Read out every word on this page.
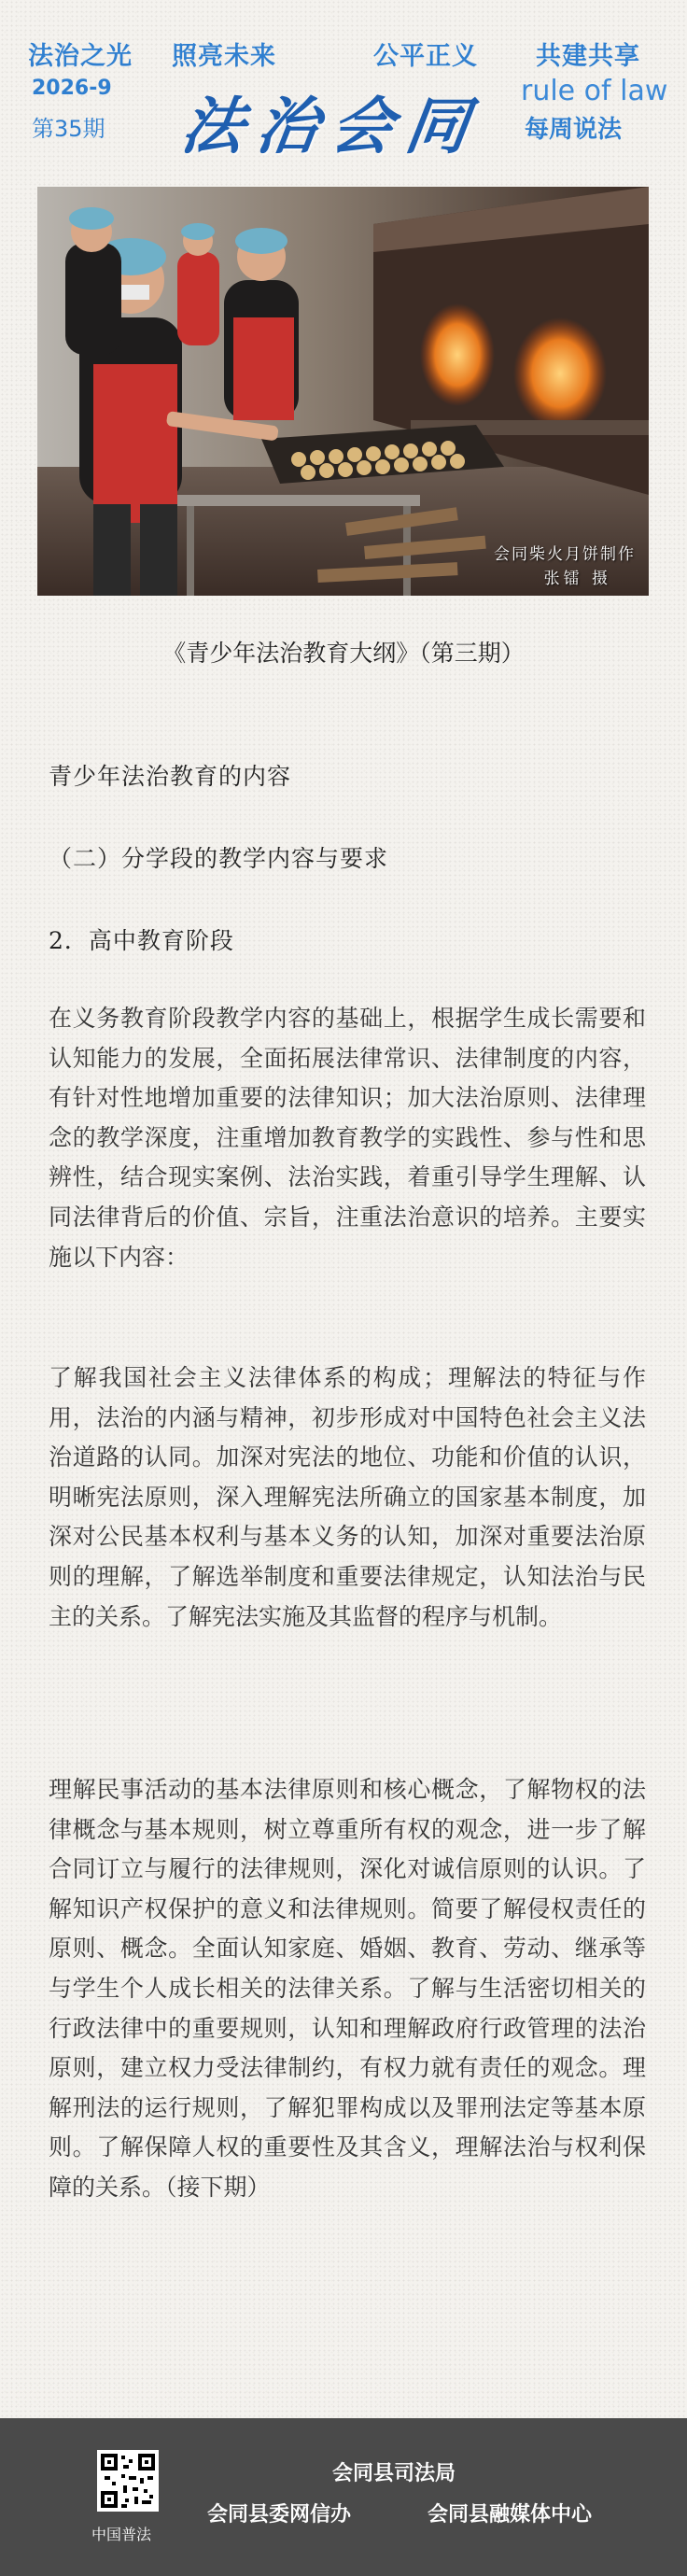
法治之光 照亮未来	公平正义 共建共享
2026-9
第35期 法治会同 rule of law
每周说法
会同柴火月饼制作
张镭 摄
《青少年法治教育大纲》（第三期）
青少年法治教育的内容
（二）分学段的教学内容与要求
2．高中教育阶段
在义务教育阶段教学内容的基础上，根据学生成长需要和认知能力的发展，全面拓展法律常识、法律制度的内容，有针对性地增加重要的法律知识；加大法治原则、法律理念的教学深度，注重增加教育教学的实践性、参与性和思辨性，结合现实案例、法治实践，着重引导学生理解、认同法律背后的价值、宗旨，注重法治意识的培养。主要实施以下内容：
了解我国社会主义法律体系的构成；理解法的特征与作用，法治的内涵与精神，初步形成对中国特色社会主义法治道路的认同。加深对宪法的地位、功能和价值的认识，明晰宪法原则，深入理解宪法所确立的国家基本制度，加深对公民基本权利与基本义务的认知，加深对重要法治原则的理解，了解选举制度和重要法律规定，认知法治与民主的关系。了解宪法实施及其监督的程序与机制。
理解民事活动的基本法律原则和核心概念，了解物权的法律概念与基本规则，树立尊重所有权的观念，进一步了解合同订立与履行的法律规则，深化对诚信原则的认识。了解知识产权保护的意义和法律规则。简要了解侵权责任的原则、概念。全面认知家庭、婚姻、教育、劳动、继承等与学生个人成长相关的法律关系。了解与生活密切相关的行政法律中的重要规则，认知和理解政府行政管理的法治原则，建立权力受法律制约，有权力就有责任的观念。理解刑法的运行规则，了解犯罪构成以及罪刑法定等基本原则。了解保障人权的重要性及其含义，理解法治与权利保障的关系。（接下期）
中国普法
会同县司法局
会同县委网信办	会同县融媒体中心
